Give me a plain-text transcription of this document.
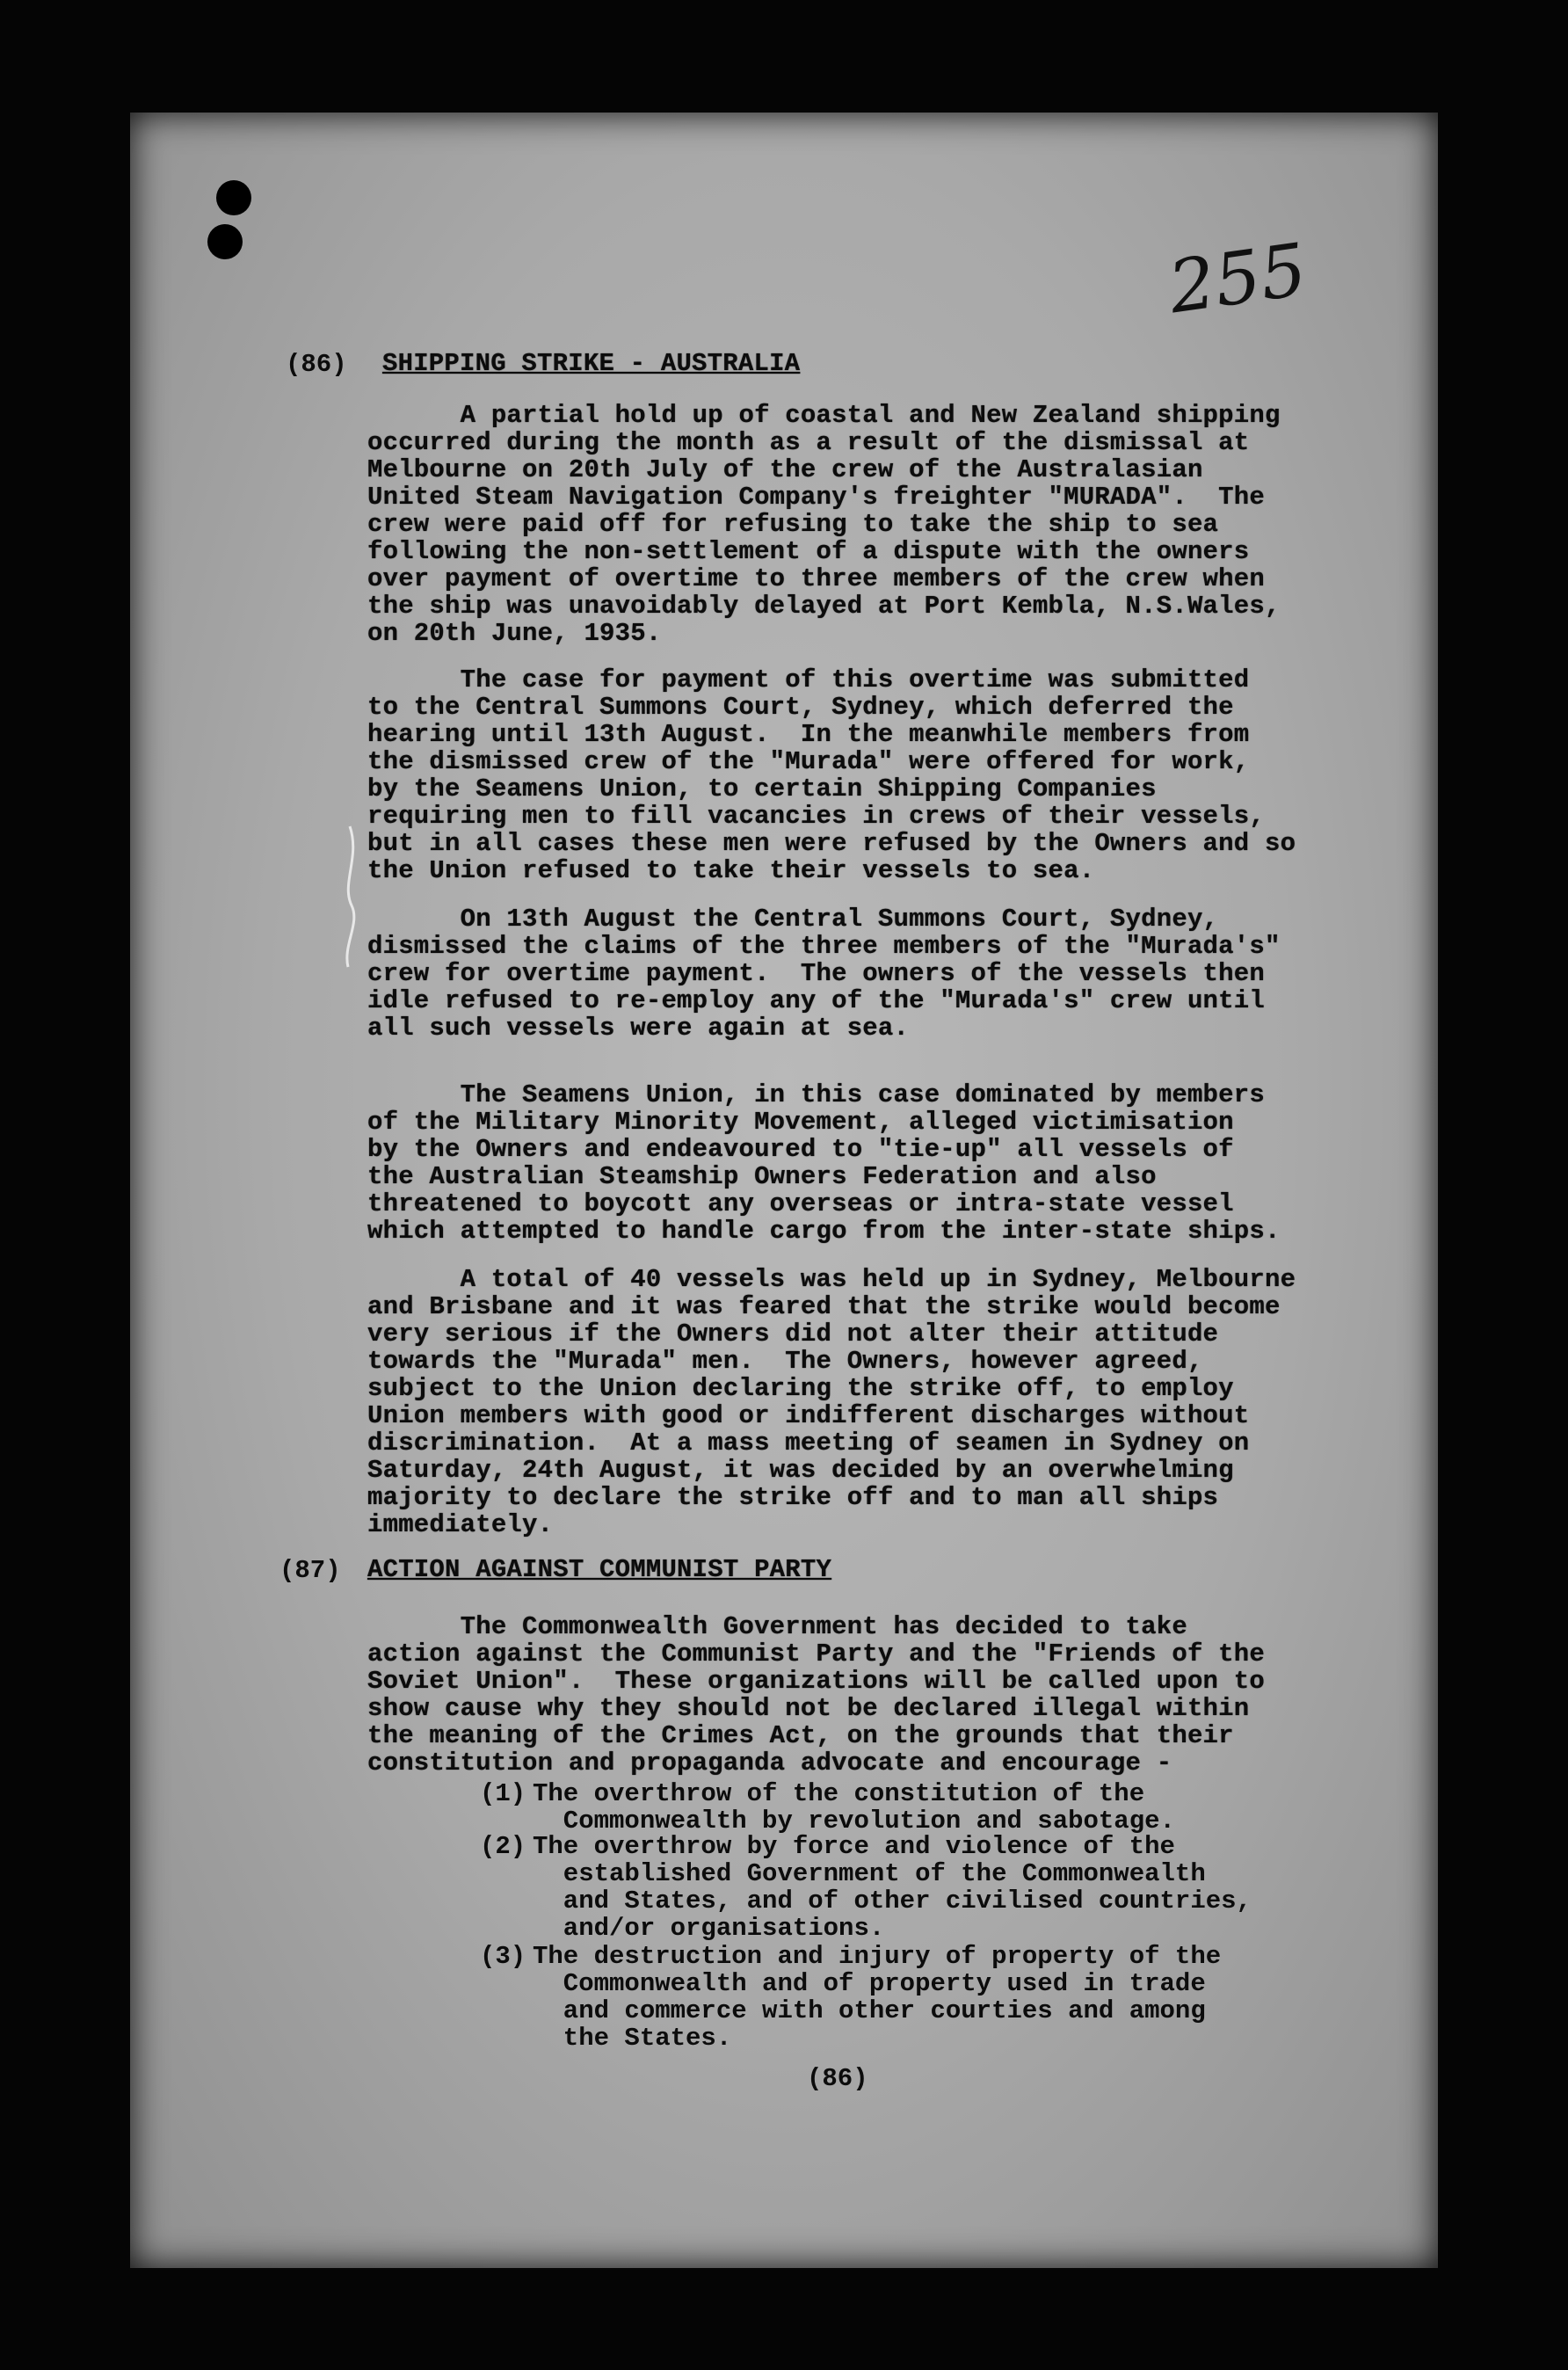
255
(86) SHIPPING STRIKE - AUSTRALIA
A partial hold up of coastal and New Zealand shipping
occurred during the month as a result of the dismissal at
Melbourne on 20th July of the crew of the Australasian
United Steam Navigation Company's freighter "MURADA".  The
crew were paid off for refusing to take the ship to sea
following the non-settlement of a dispute with the owners
over payment of overtime to three members of the crew when
the ship was unavoidably delayed at Port Kembla, N.S.Wales,
on 20th June, 1935.
The case for payment of this overtime was submitted
to the Central Summons Court, Sydney, which deferred the
hearing until 13th August.  In the meanwhile members from
the dismissed crew of the "Murada" were offered for work,
by the Seamens Union, to certain Shipping Companies
requiring men to fill vacancies in crews of their vessels,
but in all cases these men were refused by the Owners and so
the Union refused to take their vessels to sea.
On 13th August the Central Summons Court, Sydney,
dismissed the claims of the three members of the "Murada's"
crew for overtime payment.  The owners of the vessels then
idle refused to re-employ any of the "Murada's" crew until
all such vessels were again at sea.
The Seamens Union, in this case dominated by members
of the Military Minority Movement, alleged victimisation
by the Owners and endeavoured to "tie-up" all vessels of
the Australian Steamship Owners Federation and also
threatened to boycott any overseas or intra-state vessel
which attempted to handle cargo from the inter-state ships.
A total of 40 vessels was held up in Sydney, Melbourne
and Brisbane and it was feared that the strike would become
very serious if the Owners did not alter their attitude
towards the "Murada" men.  The Owners, however agreed,
subject to the Union declaring the strike off, to employ
Union members with good or indifferent discharges without
discrimination.  At a mass meeting of seamen in Sydney on
Saturday, 24th August, it was decided by an overwhelming
majority to declare the strike off and to man all ships
immediately.
(87) ACTION AGAINST COMMUNIST PARTY
The Commonwealth Government has decided to take
action against the Communist Party and the "Friends of the
Soviet Union".  These organizations will be called upon to
show cause why they should not be declared illegal within
the meaning of the Crimes Act, on the grounds that their
constitution and propaganda advocate and encourage -
(1) The overthrow of the constitution of the
Commonwealth by revolution and sabotage.
(2) The overthrow by force and violence of the
established Government of the Commonwealth
and States, and of other civilised countries,
and/or organisations.
(3) The destruction and injury of property of the
Commonwealth and of property used in trade
and commerce with other courties and among
the States.
(86)
